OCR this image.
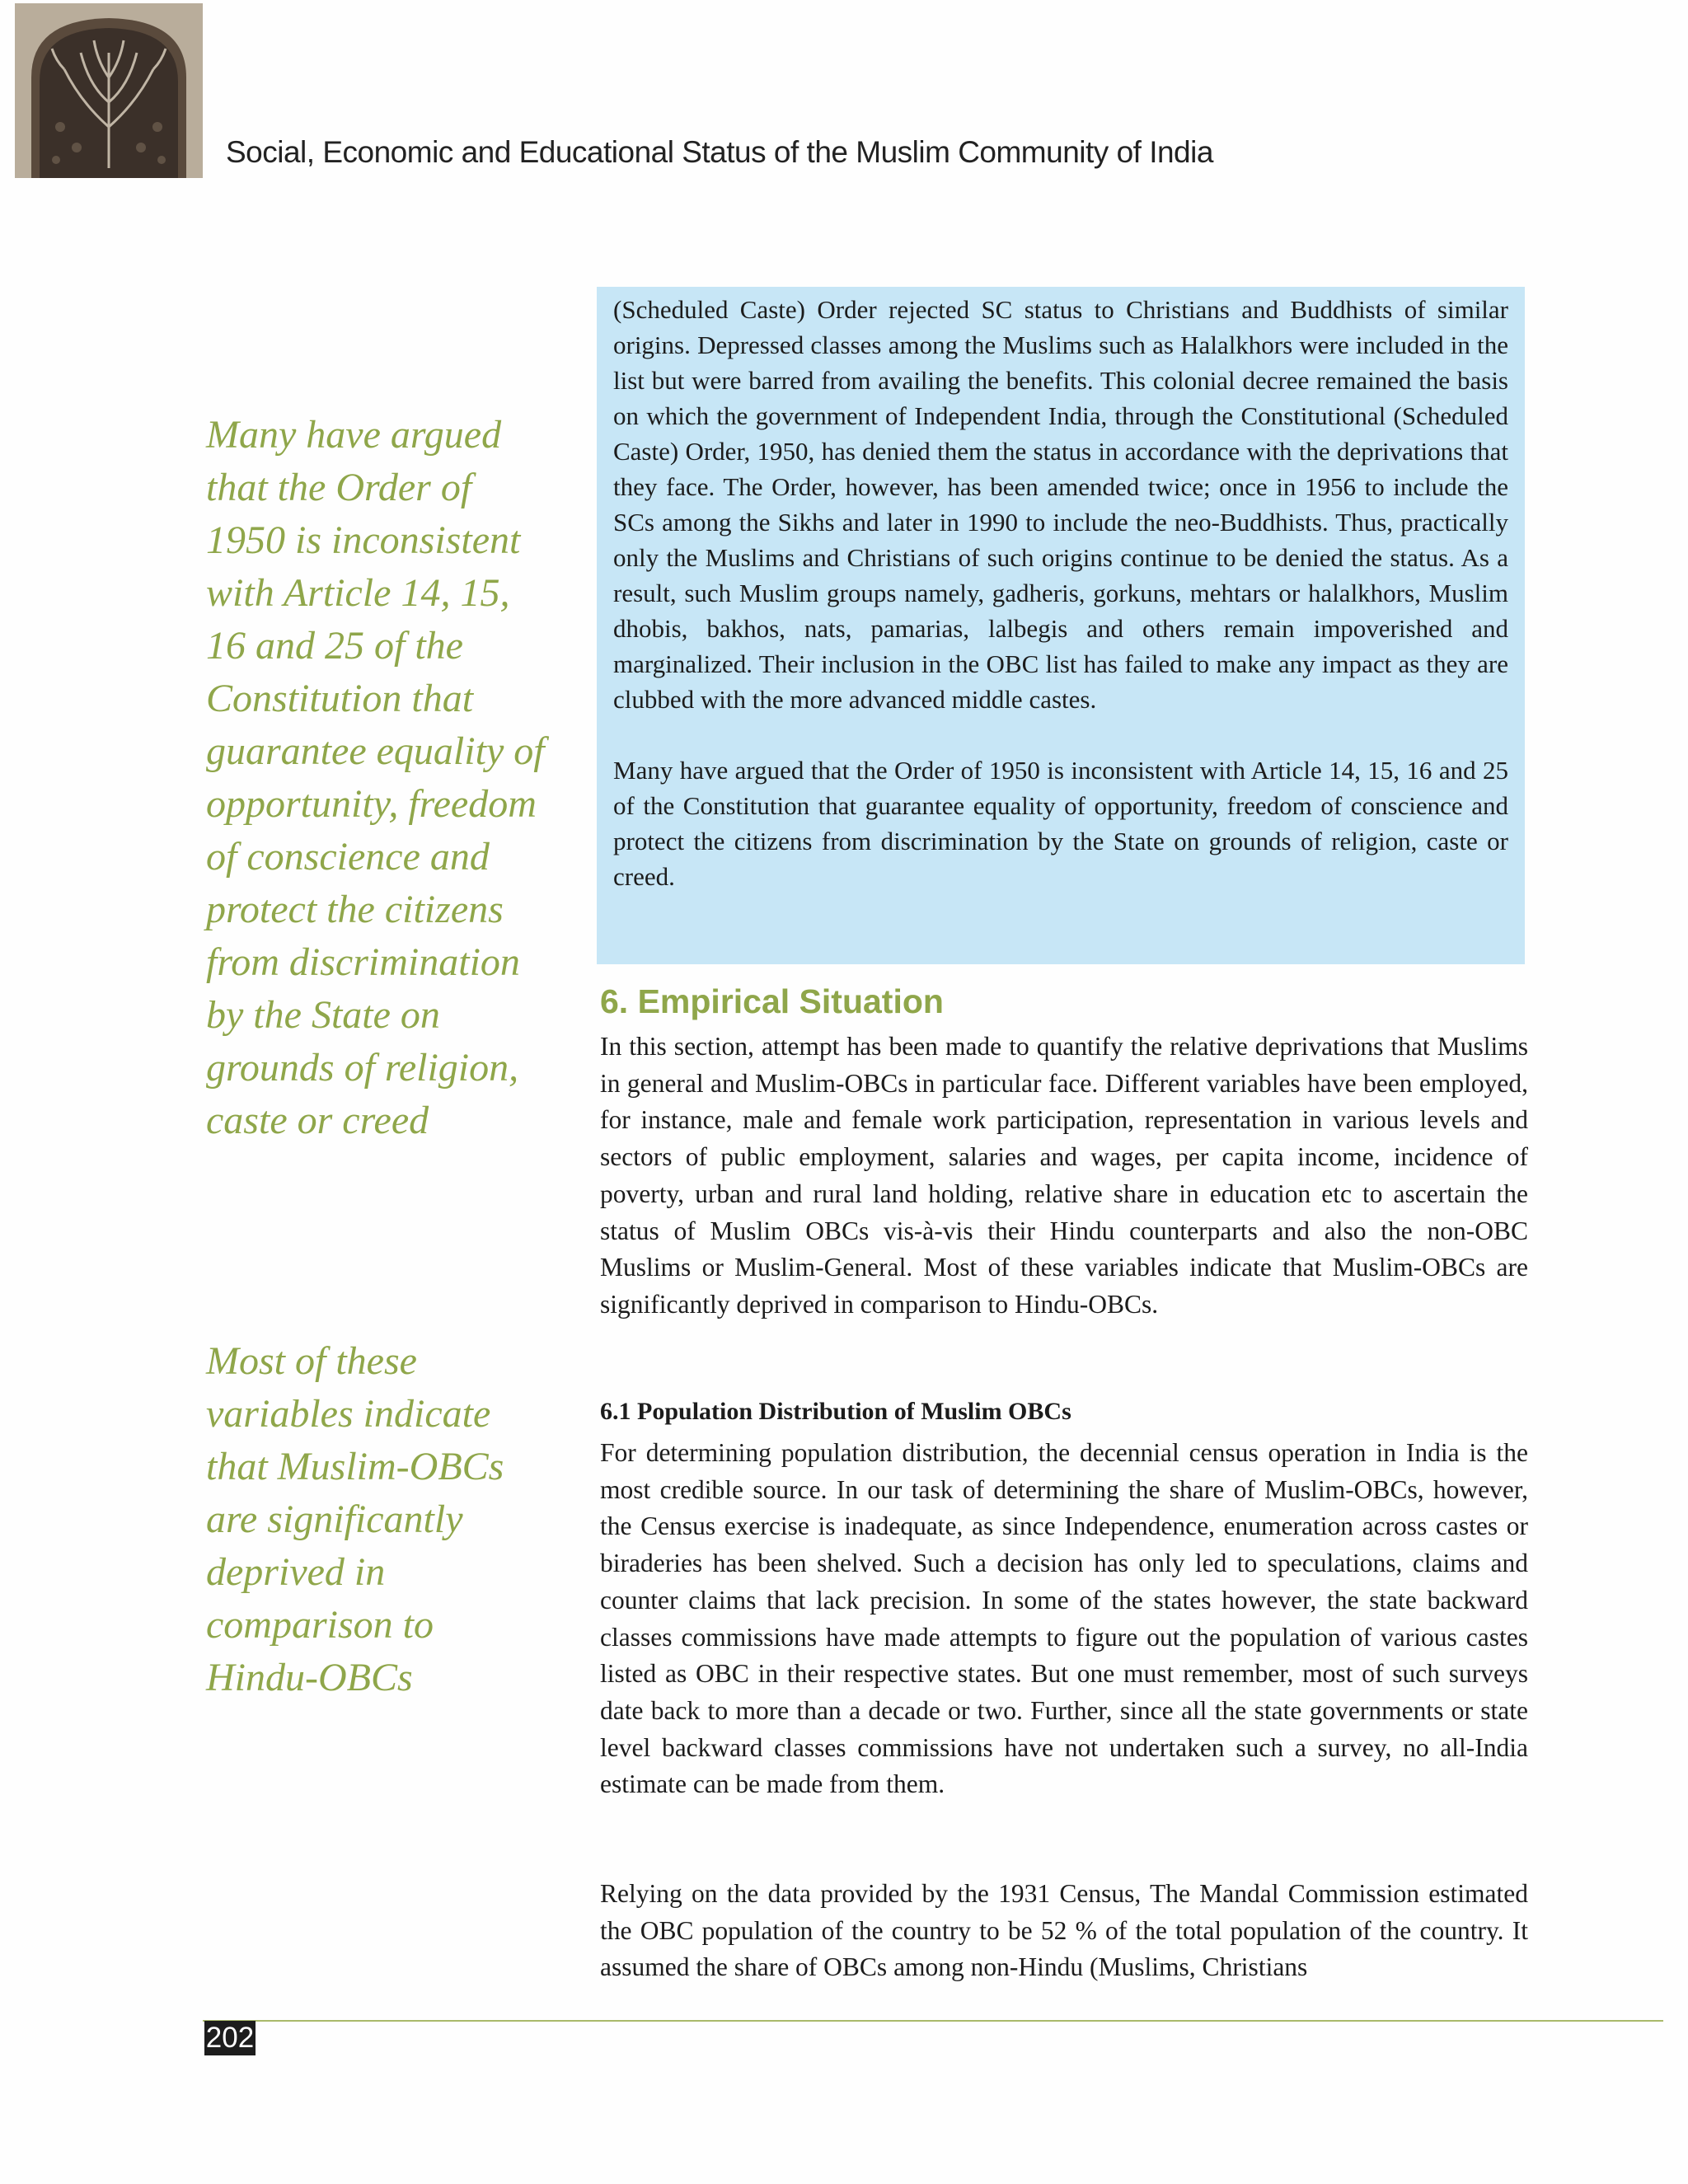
Social, Economic and Educational Status of the Muslim Community of India

Many have argued that the Order of 1950 is inconsistent with Article 14, 15, 16 and 25 of the Constitution that guarantee equality of opportunity, freedom of conscience and protect the citizens from discrimination by the State on grounds of religion, caste or creed

Most of these variables indicate that Muslim-OBCs are significantly deprived in comparison to Hindu-OBCs

(Scheduled Caste) Order rejected SC status to Christians and Buddhists of similar origins. Depressed classes among the Muslims such as Halalkhors were included in the list but were barred from availing the benefits. This colonial decree remained the basis on which the government of Independent India, through the Constitutional (Scheduled Caste) Order, 1950, has denied them the status in accordance with the deprivations that they face. The Order, however, has been amended twice; once in 1956 to include the SCs among the Sikhs and later in 1990 to include the neo-Buddhists. Thus, practically only the Muslims and Christians of such origins continue to be denied the status. As a result, such Muslim groups namely, gadheris, gorkuns, mehtars or halalkhors, Muslim dhobis, bakhos, nats, pamarias, lalbegis and others remain impoverished and marginalized. Their inclusion in the OBC list has failed to make any impact as they are clubbed with the more advanced middle castes.

Many have argued that the Order of 1950 is inconsistent with Article 14, 15, 16 and 25 of the Constitution that guarantee equality of opportunity, freedom of conscience and protect the citizens from discrimination by the State on grounds of religion, caste or creed.

6. Empirical Situation

In this section, attempt has been made to quantify the relative deprivations that Muslims in general and Muslim-OBCs in particular face. Different variables have been employed, for instance, male and female work participation, representation in various levels and sectors of public employment, salaries and wages, per capita income, incidence of poverty, urban and rural land holding, relative share in education etc to ascertain the status of Muslim OBCs vis-à-vis their Hindu counterparts and also the non-OBC Muslims or Muslim-General. Most of these variables indicate that Muslim-OBCs are significantly deprived in comparison to Hindu-OBCs.

6.1 Population Distribution of Muslim OBCs

For determining population distribution, the decennial census operation in India is the most credible source. In our task of determining the share of Muslim-OBCs, however, the Census exercise is inadequate, as since Independence, enumeration across castes or biraderies has been shelved. Such a decision has only led to speculations, claims and counter claims that lack precision. In some of the states however, the state backward classes commissions have made attempts to figure out the population of various castes listed as OBC in their respective states. But one must remember, most of such surveys date back to more than a decade or two. Further, since all the state governments or state level backward classes commissions have not undertaken such a survey, no all-India estimate can be made from them.

Relying on the data provided by the 1931 Census, The Mandal Commission estimated the OBC population of the country to be 52 % of the total population of the country. It assumed the share of OBCs among non-Hindu (Muslims, Christians

202
